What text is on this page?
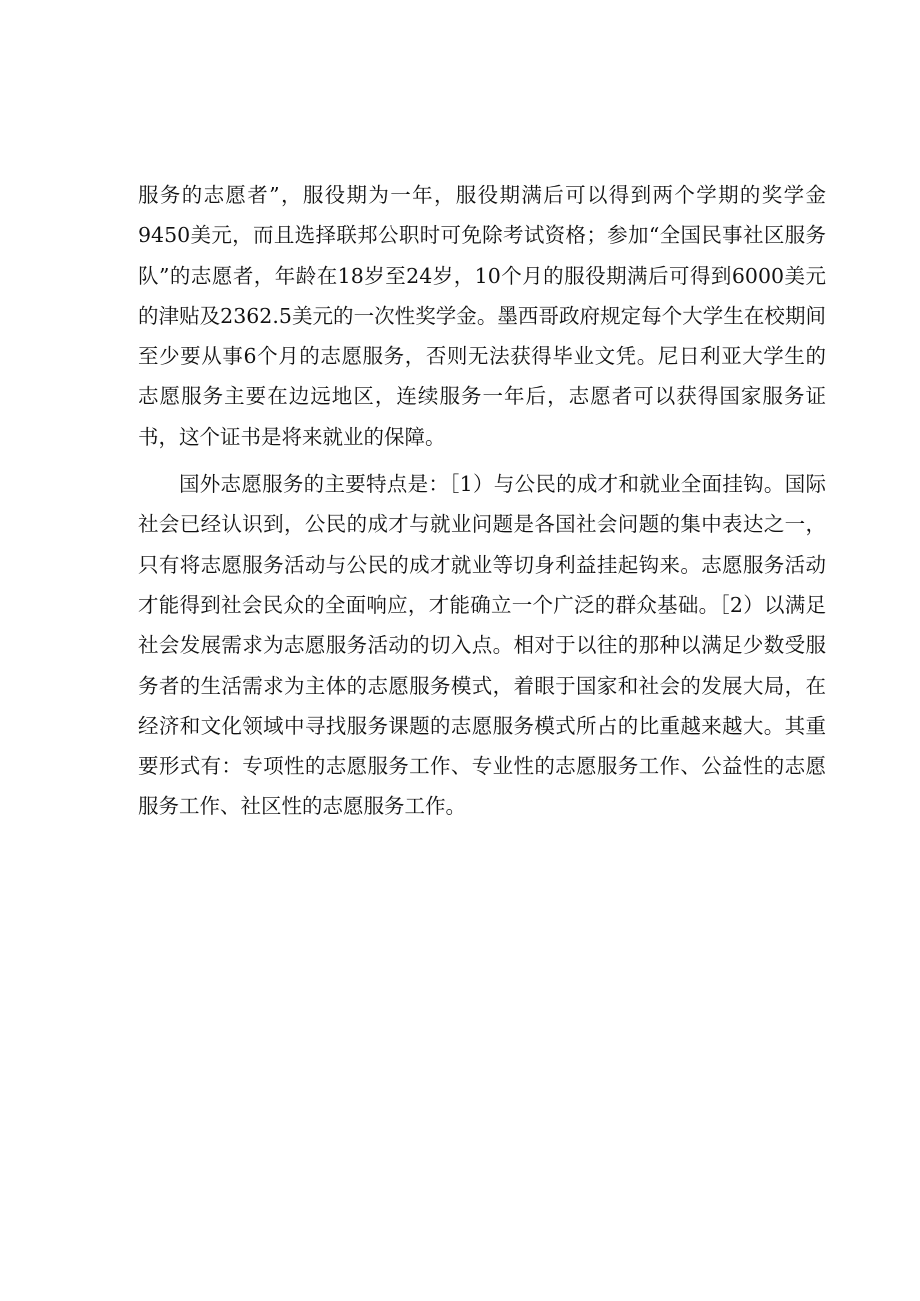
服务的志愿者”，服役期为一年，服役期满后可以得到两个学期的奖学金9450美元，而且选择联邦公职时可免除考试资格；参加“全国民事社区服务队”的志愿者，年龄在18岁至24岁，10个月的服役期满后可得到6000美元的津贴及2362.5美元的一次性奖学金。墨西哥政府规定每个大学生在校期间至少要从事6个月的志愿服务，否则无法获得毕业文凭。尼日利亚大学生的志愿服务主要在边远地区，连续服务一年后，志愿者可以获得国家服务证书，这个证书是将来就业的保障。

国外志愿服务的主要特点是：［1）与公民的成才和就业全面挂钩。国际社会已经认识到，公民的成才与就业问题是各国社会问题的集中表达之一，只有将志愿服务活动与公民的成才就业等切身利益挂起钩来。志愿服务活动才能得到社会民众的全面响应，才能确立一个广泛的群众基础。［2）以满足社会发展需求为志愿服务活动的切入点。相对于以往的那种以满足少数受服务者的生活需求为主体的志愿服务模式，着眼于国家和社会的发展大局，在经济和文化领域中寻找服务课题的志愿服务模式所占的比重越来越大。其重要形式有：专项性的志愿服务工作、专业性的志愿服务工作、公益性的志愿服务工作、社区性的志愿服务工作。
